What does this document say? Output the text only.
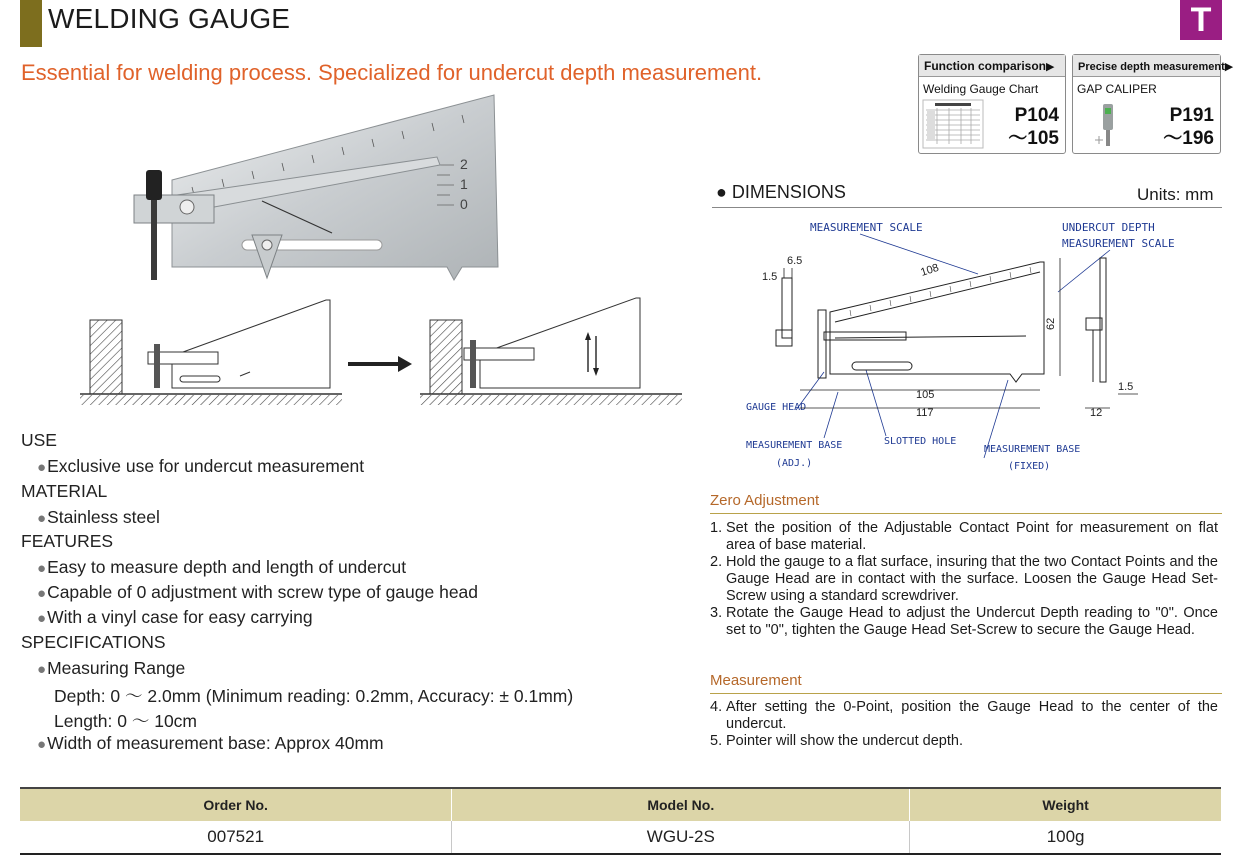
WELDING GAUGE	T
Essential for welding process. Specialized for undercut depth measurement.	Function comparison▶
Welding Gauge Chart
P104
～105
Precise depth measurement▶
GAP CALIPER
P191
～196
2
1
0
USE
●Exclusive use for undercut measurement
MATERIAL
●Stainless steel
FEATURES
●Easy to measure depth and length of undercut
●Capable of 0 adjustment with screw type of gauge head
●With a vinyl case for easy carrying
SPECIFICATIONS
●Measuring Range
Depth: 0 ～ 2.0mm (Minimum reading: 0.2mm, Accuracy: ± 0.1mm)
Length: 0 ～ 10cm
●Width of measurement base: Approx 40mm
● DIMENSIONS	Units: mm
MEASUREMENT SCALE	UNDERCUT DEPTH
MEASUREMENT SCALE
GAUGE HEAD
MEASUREMENT BASE
(ADJ.)
SLOTTED HOLE
MEASUREMENT BASE
(FIXED)
6.5
1.5	108
62
105
117
1.5
12
Zero Adjustment
1. Set the position of the Adjustable Contact Point for measurement on flat area of base material.
2. Hold the gauge to a flat surface, insuring that the two Contact Points and the Gauge Head are in contact with the surface. Loosen the Gauge Head Set-Screw using a standard screwdriver.
3. Rotate the Gauge Head to adjust the Undercut Depth reading to "0". Once set to "0", tighten the Gauge Head Set-Screw to secure the Gauge Head.
Measurement
4. After setting the 0-Point, position the Gauge Head to the center of the undercut.
5. Pointer will show the undercut depth.
Order No.	Model No.	Weight
007521	WGU-2S	100g
